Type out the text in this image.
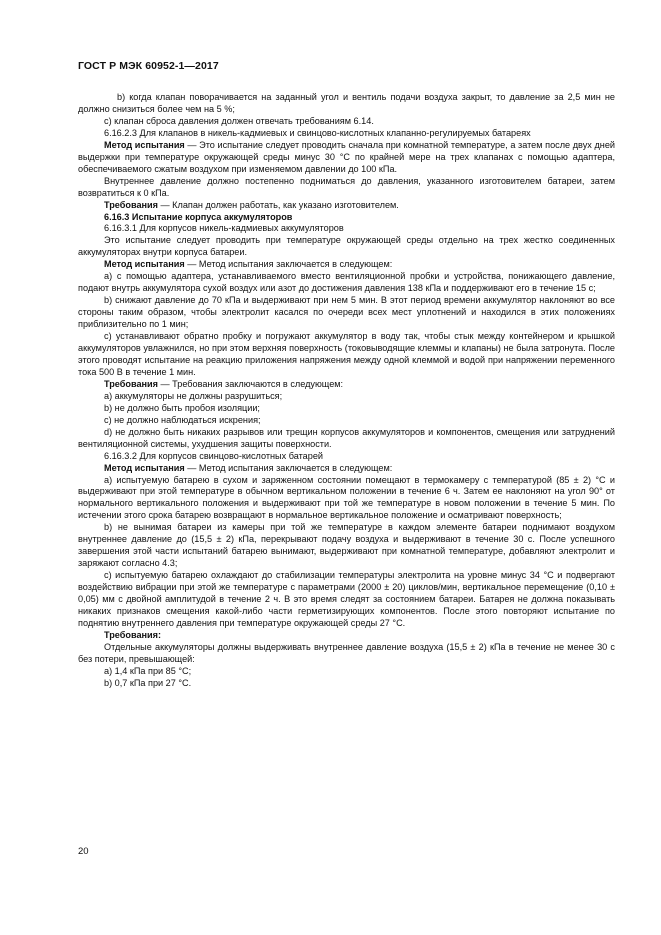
ГОСТ Р МЭК 60952-1—2017

b) когда клапан поворачивается на заданный угол и вентиль подачи воздуха закрыт, то давление за 2,5 мин не должно снизиться более чем на 5 %;

c) клапан сброса давления должен отвечать требованиям 6.14.

6.16.2.3 Для клапанов в никель-кадмиевых и свинцово-кислотных клапанно-регулируемых батареях

Метод испытания — Это испытание следует проводить сначала при комнатной температуре, а затем после двух дней выдержки при температуре окружающей среды минус 30 °C по крайней мере на трех клапанах с помощью адаптера, обеспечиваемого сжатым воздухом при изменяемом давлении до 100 кПа.

Внутреннее давление должно постепенно подниматься до давления, указанного изготовителем батареи, затем возвратиться к 0 кПа.

Требования — Клапан должен работать, как указано изготовителем.

6.16.3 Испытание корпуса аккумуляторов

6.16.3.1 Для корпусов никель-кадмиевых аккумуляторов

Это испытание следует проводить при температуре окружающей среды отдельно на трех жестко соединенных аккумуляторах внутри корпуса батареи.

Метод испытания — Метод испытания заключается в следующем:

a) с помощью адаптера, устанавливаемого вместо вентиляционной пробки и устройства, понижающего давление, подают внутрь аккумулятора сухой воздух или азот до достижения давления 138 кПа и поддерживают его в течение 15 с;

b) снижают давление до 70 кПа и выдерживают при нем 5 мин. В этот период времени аккумулятор наклоняют во все стороны таким образом, чтобы электролит касался по очереди всех мест уплотнений и находился в этих положениях приблизительно по 1 мин;

c) устанавливают обратно пробку и погружают аккумулятор в воду так, чтобы стык между контейнером и крышкой аккумуляторов увлажнился, но при этом верхняя поверхность (токовыводящие клеммы и клапаны) не была затронута. После этого проводят испытание на реакцию приложения напряжения между одной клеммой и водой при напряжении переменного тока 500 В в течение 1 мин.

Требования — Требования заключаются в следующем:

a) аккумуляторы не должны разрушиться;

b) не должно быть пробоя изоляции;

c) не должно наблюдаться искрения;

d) не должно быть никаких разрывов или трещин корпусов аккумуляторов и компонентов, смещения или затруднений вентиляционной системы, ухудшения защиты поверхности.

6.16.3.2 Для корпусов свинцово-кислотных батарей

Метод испытания — Метод испытания заключается в следующем:

a) испытуемую батарею в сухом и заряженном состоянии помещают в термокамеру с температурой (85 ± 2) °C и выдерживают при этой температуре в обычном вертикальном положении в течение 6 ч. Затем ее наклоняют на угол 90° от нормального вертикального положения и выдерживают при той же температуре в новом положении в течение 5 мин. По истечении этого срока батарею возвращают в нормальное вертикальное положение и осматривают поверхность;

b) не вынимая батареи из камеры при той же температуре в каждом элементе батареи поднимают воздухом внутреннее давление до (15,5 ± 2) кПа, перекрывают подачу воздуха и выдерживают в течение 30 с. После успешного завершения этой части испытаний батарею вынимают, выдерживают при комнатной температуре, добавляют электролит и заряжают согласно 4.3;

c) испытуемую батарею охлаждают до стабилизации температуры электролита на уровне минус 34 °C и подвергают воздействию вибрации при этой же температуре с параметрами (2000 ± 20) циклов/мин, вертикальное перемещение (0,10 ± 0,05) мм с двойной амплитудой в течение 2 ч. В это время следят за состоянием батареи. Батарея не должна показывать никаких признаков смещения какой-либо части герметизирующих компонентов. После этого повторяют испытание по поднятию внутреннего давления при температуре окружающей среды 27 °C.

Требования:

Отдельные аккумуляторы должны выдерживать внутреннее давление воздуха (15,5 ± 2) кПа в течение не менее 30 с без потери, превышающей:

a) 1,4 кПа при 85 °C;

b) 0,7 кПа при 27 °C.

20
